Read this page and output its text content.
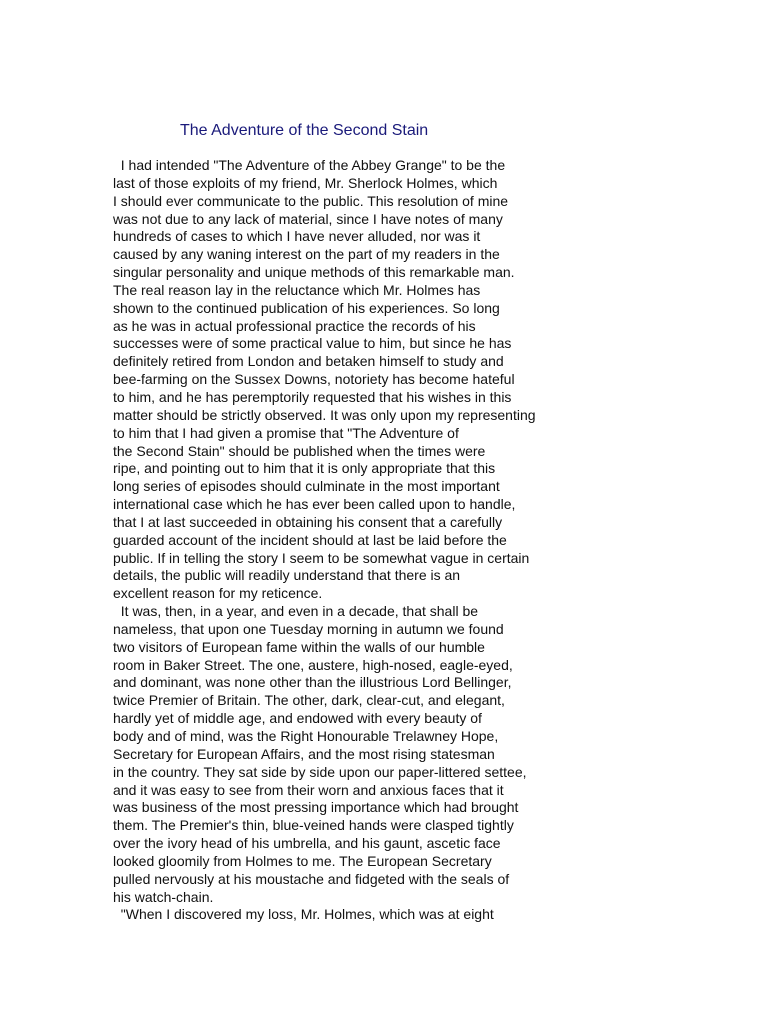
The Adventure of the Second Stain
I had intended "The Adventure of the Abbey Grange" to be the
last of those exploits of my friend, Mr. Sherlock Holmes, which
I should ever communicate to the public. This resolution of mine
was not due to any lack of material, since I have notes of many
hundreds of cases to which I have never alluded, nor was it
caused by any waning interest on the part of my readers in the
singular personality and unique methods of this remarkable man.
The real reason lay in the reluctance which Mr. Holmes has
shown to the continued publication of his experiences. So long
as he was in actual professional practice the records of his
successes were of some practical value to him, but since he has
definitely retired from London and betaken himself to study and
bee-farming on the Sussex Downs, notoriety has become hateful
to him, and he has peremptorily requested that his wishes in this
matter should be strictly observed. It was only upon my representing
to him that I had given a promise that "The Adventure of
the Second Stain" should be published when the times were
ripe, and pointing out to him that it is only appropriate that this
long series of episodes should culminate in the most important
international case which he has ever been called upon to handle,
that I at last succeeded in obtaining his consent that a carefully
guarded account of the incident should at last be laid before the
public. If in telling the story I seem to be somewhat vague in certain
details, the public will readily understand that there is an
excellent reason for my reticence.
It was, then, in a year, and even in a decade, that shall be
nameless, that upon one Tuesday morning in autumn we found
two visitors of European fame within the walls of our humble
room in Baker Street. The one, austere, high-nosed, eagle-eyed,
and dominant, was none other than the illustrious Lord Bellinger,
twice Premier of Britain. The other, dark, clear-cut, and elegant,
hardly yet of middle age, and endowed with every beauty of
body and of mind, was the Right Honourable Trelawney Hope,
Secretary for European Affairs, and the most rising statesman
in the country. They sat side by side upon our paper-littered settee,
and it was easy to see from their worn and anxious faces that it
was business of the most pressing importance which had brought
them. The Premier's thin, blue-veined hands were clasped tightly
over the ivory head of his umbrella, and his gaunt, ascetic face
looked gloomily from Holmes to me. The European Secretary
pulled nervously at his moustache and fidgeted with the seals of
his watch-chain.
"When I discovered my loss, Mr. Holmes, which was at eight
